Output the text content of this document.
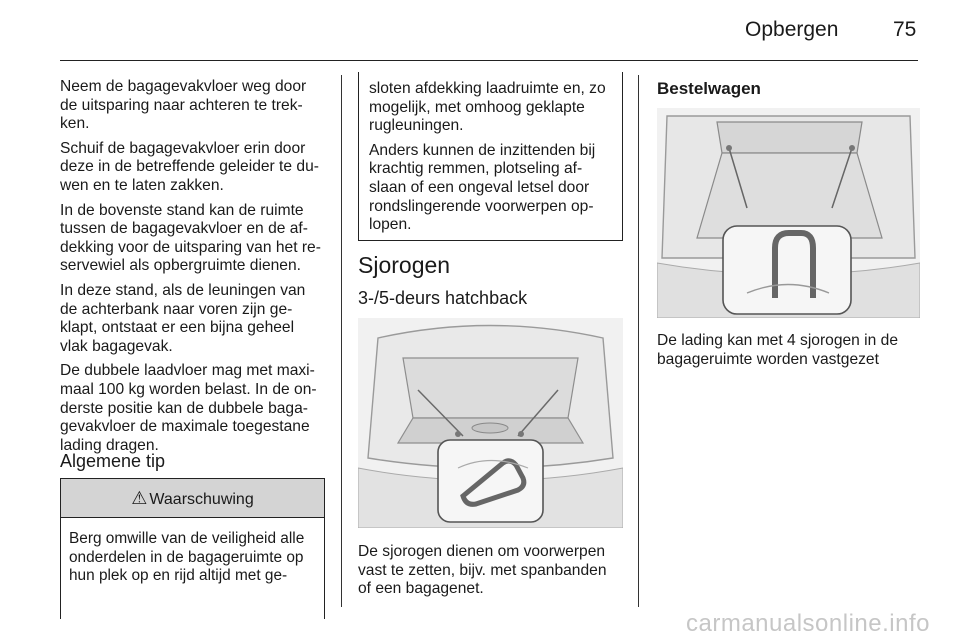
Opbergen	75

Neem de bagagevakvloer weg door
de uitsparing naar achteren te trek-
ken.

Schuif de bagagevakvloer erin door
deze in de betreffende geleider te du-
wen en te laten zakken.

In de bovenste stand kan de ruimte
tussen de bagagevakvloer en de af-
dekking voor de uitsparing van het re-
servewiel als opbergruimte dienen.

In deze stand, als de leuningen van
de achterbank naar voren zijn ge-
klapt, ontstaat er een bijna geheel
vlak bagagevak.

De dubbele laadvloer mag met maxi-
maal 100 kg worden belast. In de on-
derste positie kan de dubbele baga-
gevakvloer de maximale toegestane
lading dragen.

Algemene tip
⚠ Waarschuwing

Berg omwille van de veiligheid alle
onderdelen in de bagageruimte op
hun plek op en rijd altijd met ge-

sloten afdekking laadruimte en, zo
mogelijk, met omhoog geklapte
rugleuningen.

Anders kunnen de inzittenden bij
krachtig remmen, plotseling af-
slaan of een ongeval letsel door
rondslingerende voorwerpen op-
lopen.

Sjorogen
3-/5-deurs hatchback

De sjorogen dienen om voorwerpen
vast te zetten, bijv. met spanbanden
of een bagagenet.

Bestelwagen

De lading kan met 4 sjorogen in de
bagageruimte worden vastgezet

carmanualsonline.info
